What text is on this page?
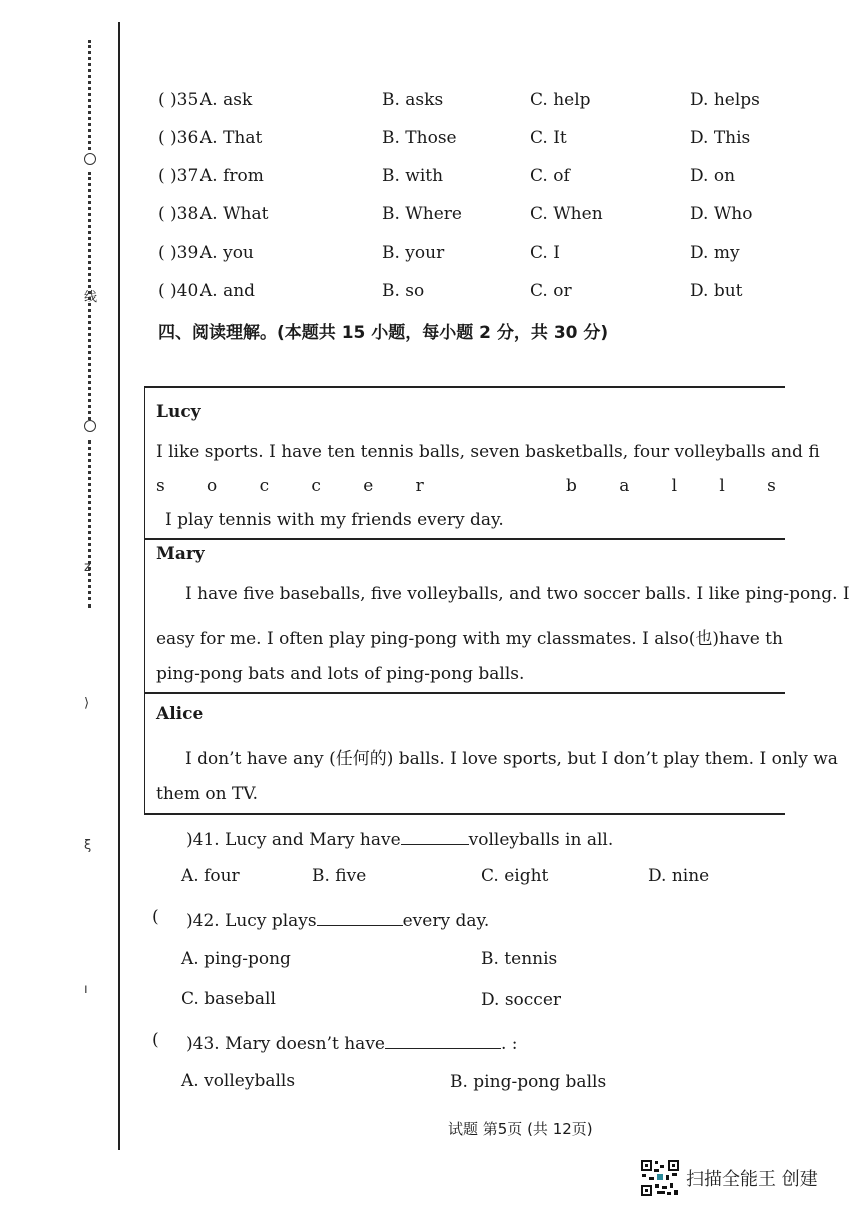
线
z
⟩
ξ
ı
( )35.
A. ask	B. asks	C. help	D. helps
( )36.
A. That	B. Those	C. It	D. This
( )37.
A. from	B. with	C. of	D. on
( )38.
A. What	B. Where	C. When	D. Who
( )39.
A. you	B. your	C. I	D. my
( )40.
A. and	B. so	C. or	D. but
四、阅读理解。(本题共 15 小题，每小题 2 分，共 30 分)
Lucy
I like sports. I have ten tennis balls, seven basketballs, four volleyballs and fi
s o c c e r	b a l l s
I play tennis with my friends every day.
Mary
I have five baseballs, five volleyballs, and two soccer balls. I like ping-pong. I
easy for me. I often play ping-pong with my classmates. I also(也)have th
ping-pong bats and lots of ping-pong balls.
Alice
I don’t have any (任何的) balls. I love sports, but I don’t play them. I only wa
them on TV.
)41. Lucy and Mary have	volleyballs in all.
A. four	B. five	C. eight	D. nine
( )42. Lucy plays	every day.
A. ping-pong	B. tennis
C. baseball	D. soccer
( )43. Mary doesn’t have	. :
A. volleyballs	B. ping-pong balls
试题 第5页 (共 12页)
扫描全能王 创建
